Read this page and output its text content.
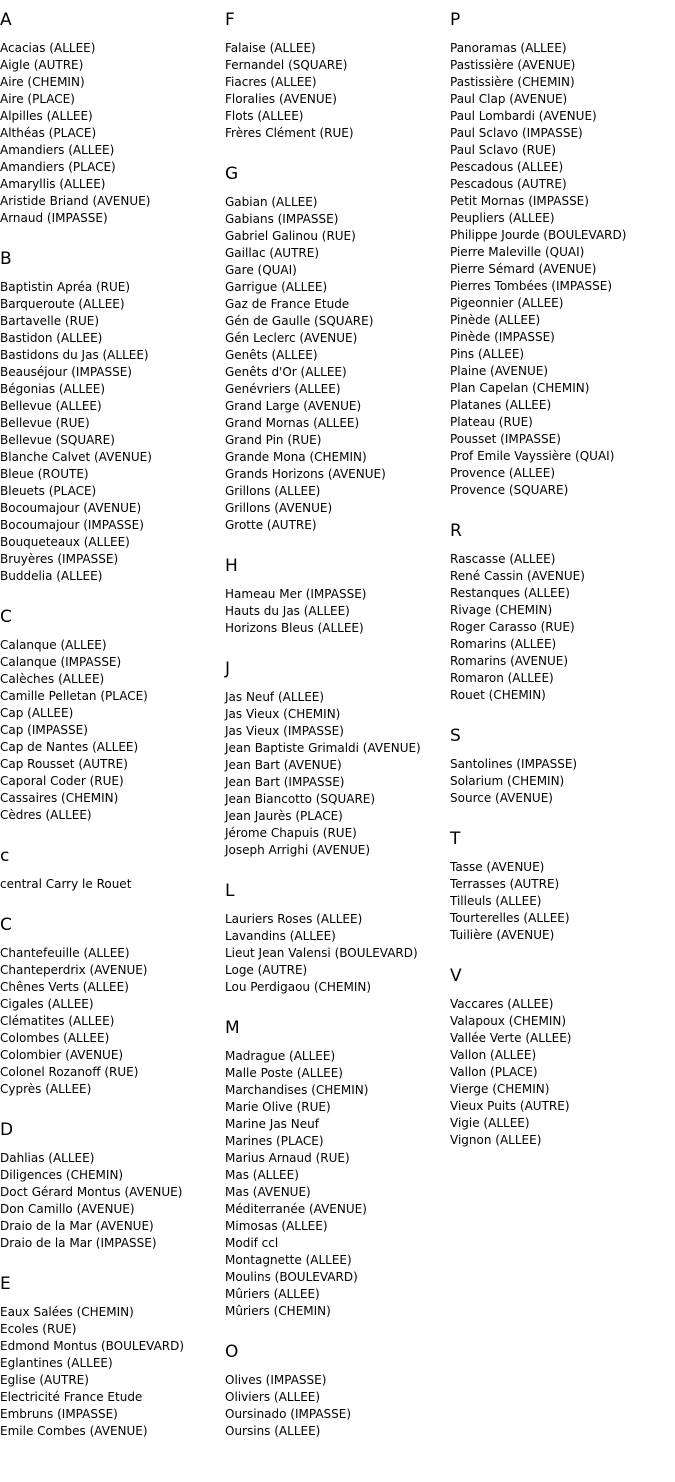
A
Acacias (ALLEE)
Aigle (AUTRE)
Aire (CHEMIN)
Aire (PLACE)
Alpilles (ALLEE)
Althéas (PLACE)
Amandiers (ALLEE)
Amandiers (PLACE)
Amaryllis (ALLEE)
Aristide Briand (AVENUE)
Arnaud (IMPASSE)
B
Baptistin Apréa (RUE)
Barqueroute (ALLEE)
Bartavelle (RUE)
Bastidon (ALLEE)
Bastidons du Jas (ALLEE)
Beauséjour (IMPASSE)
Bégonias (ALLEE)
Bellevue (ALLEE)
Bellevue (RUE)
Bellevue (SQUARE)
Blanche Calvet (AVENUE)
Bleue (ROUTE)
Bleuets (PLACE)
Bocoumajour (AVENUE)
Bocoumajour (IMPASSE)
Bouqueteaux (ALLEE)
Bruyères (IMPASSE)
Buddelia (ALLEE)
C
Calanque (ALLEE)
Calanque (IMPASSE)
Calèches (ALLEE)
Camille Pelletan (PLACE)
Cap (ALLEE)
Cap (IMPASSE)
Cap de Nantes (ALLEE)
Cap Rousset (AUTRE)
Caporal Coder (RUE)
Cassaires (CHEMIN)
Cèdres (ALLEE)
c
central Carry le Rouet
C
Chantefeuille (ALLEE)
Chanteperdrix (AVENUE)
Chênes Verts (ALLEE)
Cigales (ALLEE)
Clématites (ALLEE)
Colombes (ALLEE)
Colombier (AVENUE)
Colonel Rozanoff (RUE)
Cyprès (ALLEE)
D
Dahlias (ALLEE)
Diligences (CHEMIN)
Doct Gérard Montus (AVENUE)
Don Camillo (AVENUE)
Draio de la Mar (AVENUE)
Draio de la Mar (IMPASSE)
E
Eaux Salées (CHEMIN)
Ecoles (RUE)
Edmond Montus (BOULEVARD)
Eglantines (ALLEE)
Eglise (AUTRE)
Electricité France Etude
Embruns (IMPASSE)
Emile Combes (AVENUE)
F
Falaise (ALLEE)
Fernandel (SQUARE)
Fiacres (ALLEE)
Floralies (AVENUE)
Flots (ALLEE)
Frères Clément (RUE)
G
Gabian (ALLEE)
Gabians (IMPASSE)
Gabriel Galinou (RUE)
Gaillac (AUTRE)
Gare (QUAI)
Garrigue (ALLEE)
Gaz de France Etude
Gén de Gaulle (SQUARE)
Gén Leclerc (AVENUE)
Genêts (ALLEE)
Genêts d'Or (ALLEE)
Genévriers (ALLEE)
Grand Large (AVENUE)
Grand Mornas (ALLEE)
Grand Pin (RUE)
Grande Mona (CHEMIN)
Grands Horizons (AVENUE)
Grillons (ALLEE)
Grillons (AVENUE)
Grotte (AUTRE)
H
Hameau Mer (IMPASSE)
Hauts du Jas (ALLEE)
Horizons Bleus (ALLEE)
J
Jas Neuf (ALLEE)
Jas Vieux (CHEMIN)
Jas Vieux (IMPASSE)
Jean Baptiste Grimaldi (AVENUE)
Jean Bart (AVENUE)
Jean Bart (IMPASSE)
Jean Biancotto (SQUARE)
Jean Jaurès (PLACE)
Jérome Chapuis (RUE)
Joseph Arrighi (AVENUE)
L
Lauriers Roses (ALLEE)
Lavandins (ALLEE)
Lieut Jean Valensi (BOULEVARD)
Loge (AUTRE)
Lou Perdigaou (CHEMIN)
M
Madrague (ALLEE)
Malle Poste (ALLEE)
Marchandises (CHEMIN)
Marie Olive (RUE)
Marine Jas Neuf
Marines (PLACE)
Marius Arnaud (RUE)
Mas (ALLEE)
Mas (AVENUE)
Méditerranée (AVENUE)
Mimosas (ALLEE)
Modif ccl
Montagnette (ALLEE)
Moulins (BOULEVARD)
Mûriers (ALLEE)
Mûriers (CHEMIN)
O
Olives (IMPASSE)
Oliviers (ALLEE)
Oursinado (IMPASSE)
Oursins (ALLEE)
P
Panoramas (ALLEE)
Pastissière (AVENUE)
Pastissière (CHEMIN)
Paul Clap (AVENUE)
Paul Lombardi (AVENUE)
Paul Sclavo (IMPASSE)
Paul Sclavo (RUE)
Pescadous (ALLEE)
Pescadous (AUTRE)
Petit Mornas (IMPASSE)
Peupliers (ALLEE)
Philippe Jourde (BOULEVARD)
Pierre Maleville (QUAI)
Pierre Sémard (AVENUE)
Pierres Tombées (IMPASSE)
Pigeonnier (ALLEE)
Pinède (ALLEE)
Pinède (IMPASSE)
Pins (ALLEE)
Plaine (AVENUE)
Plan Capelan (CHEMIN)
Platanes (ALLEE)
Plateau (RUE)
Pousset (IMPASSE)
Prof Emile Vayssière (QUAI)
Provence (ALLEE)
Provence (SQUARE)
R
Rascasse (ALLEE)
René Cassin (AVENUE)
Restanques (ALLEE)
Rivage (CHEMIN)
Roger Carasso (RUE)
Romarins (ALLEE)
Romarins (AVENUE)
Romaron (ALLEE)
Rouet (CHEMIN)
S
Santolines (IMPASSE)
Solarium (CHEMIN)
Source (AVENUE)
T
Tasse (AVENUE)
Terrasses (AUTRE)
Tilleuls (ALLEE)
Tourterelles (ALLEE)
Tuilière (AVENUE)
V
Vaccares (ALLEE)
Valapoux (CHEMIN)
Vallée Verte (ALLEE)
Vallon (ALLEE)
Vallon (PLACE)
Vierge (CHEMIN)
Vieux Puits (AUTRE)
Vigie (ALLEE)
Vignon (ALLEE)
